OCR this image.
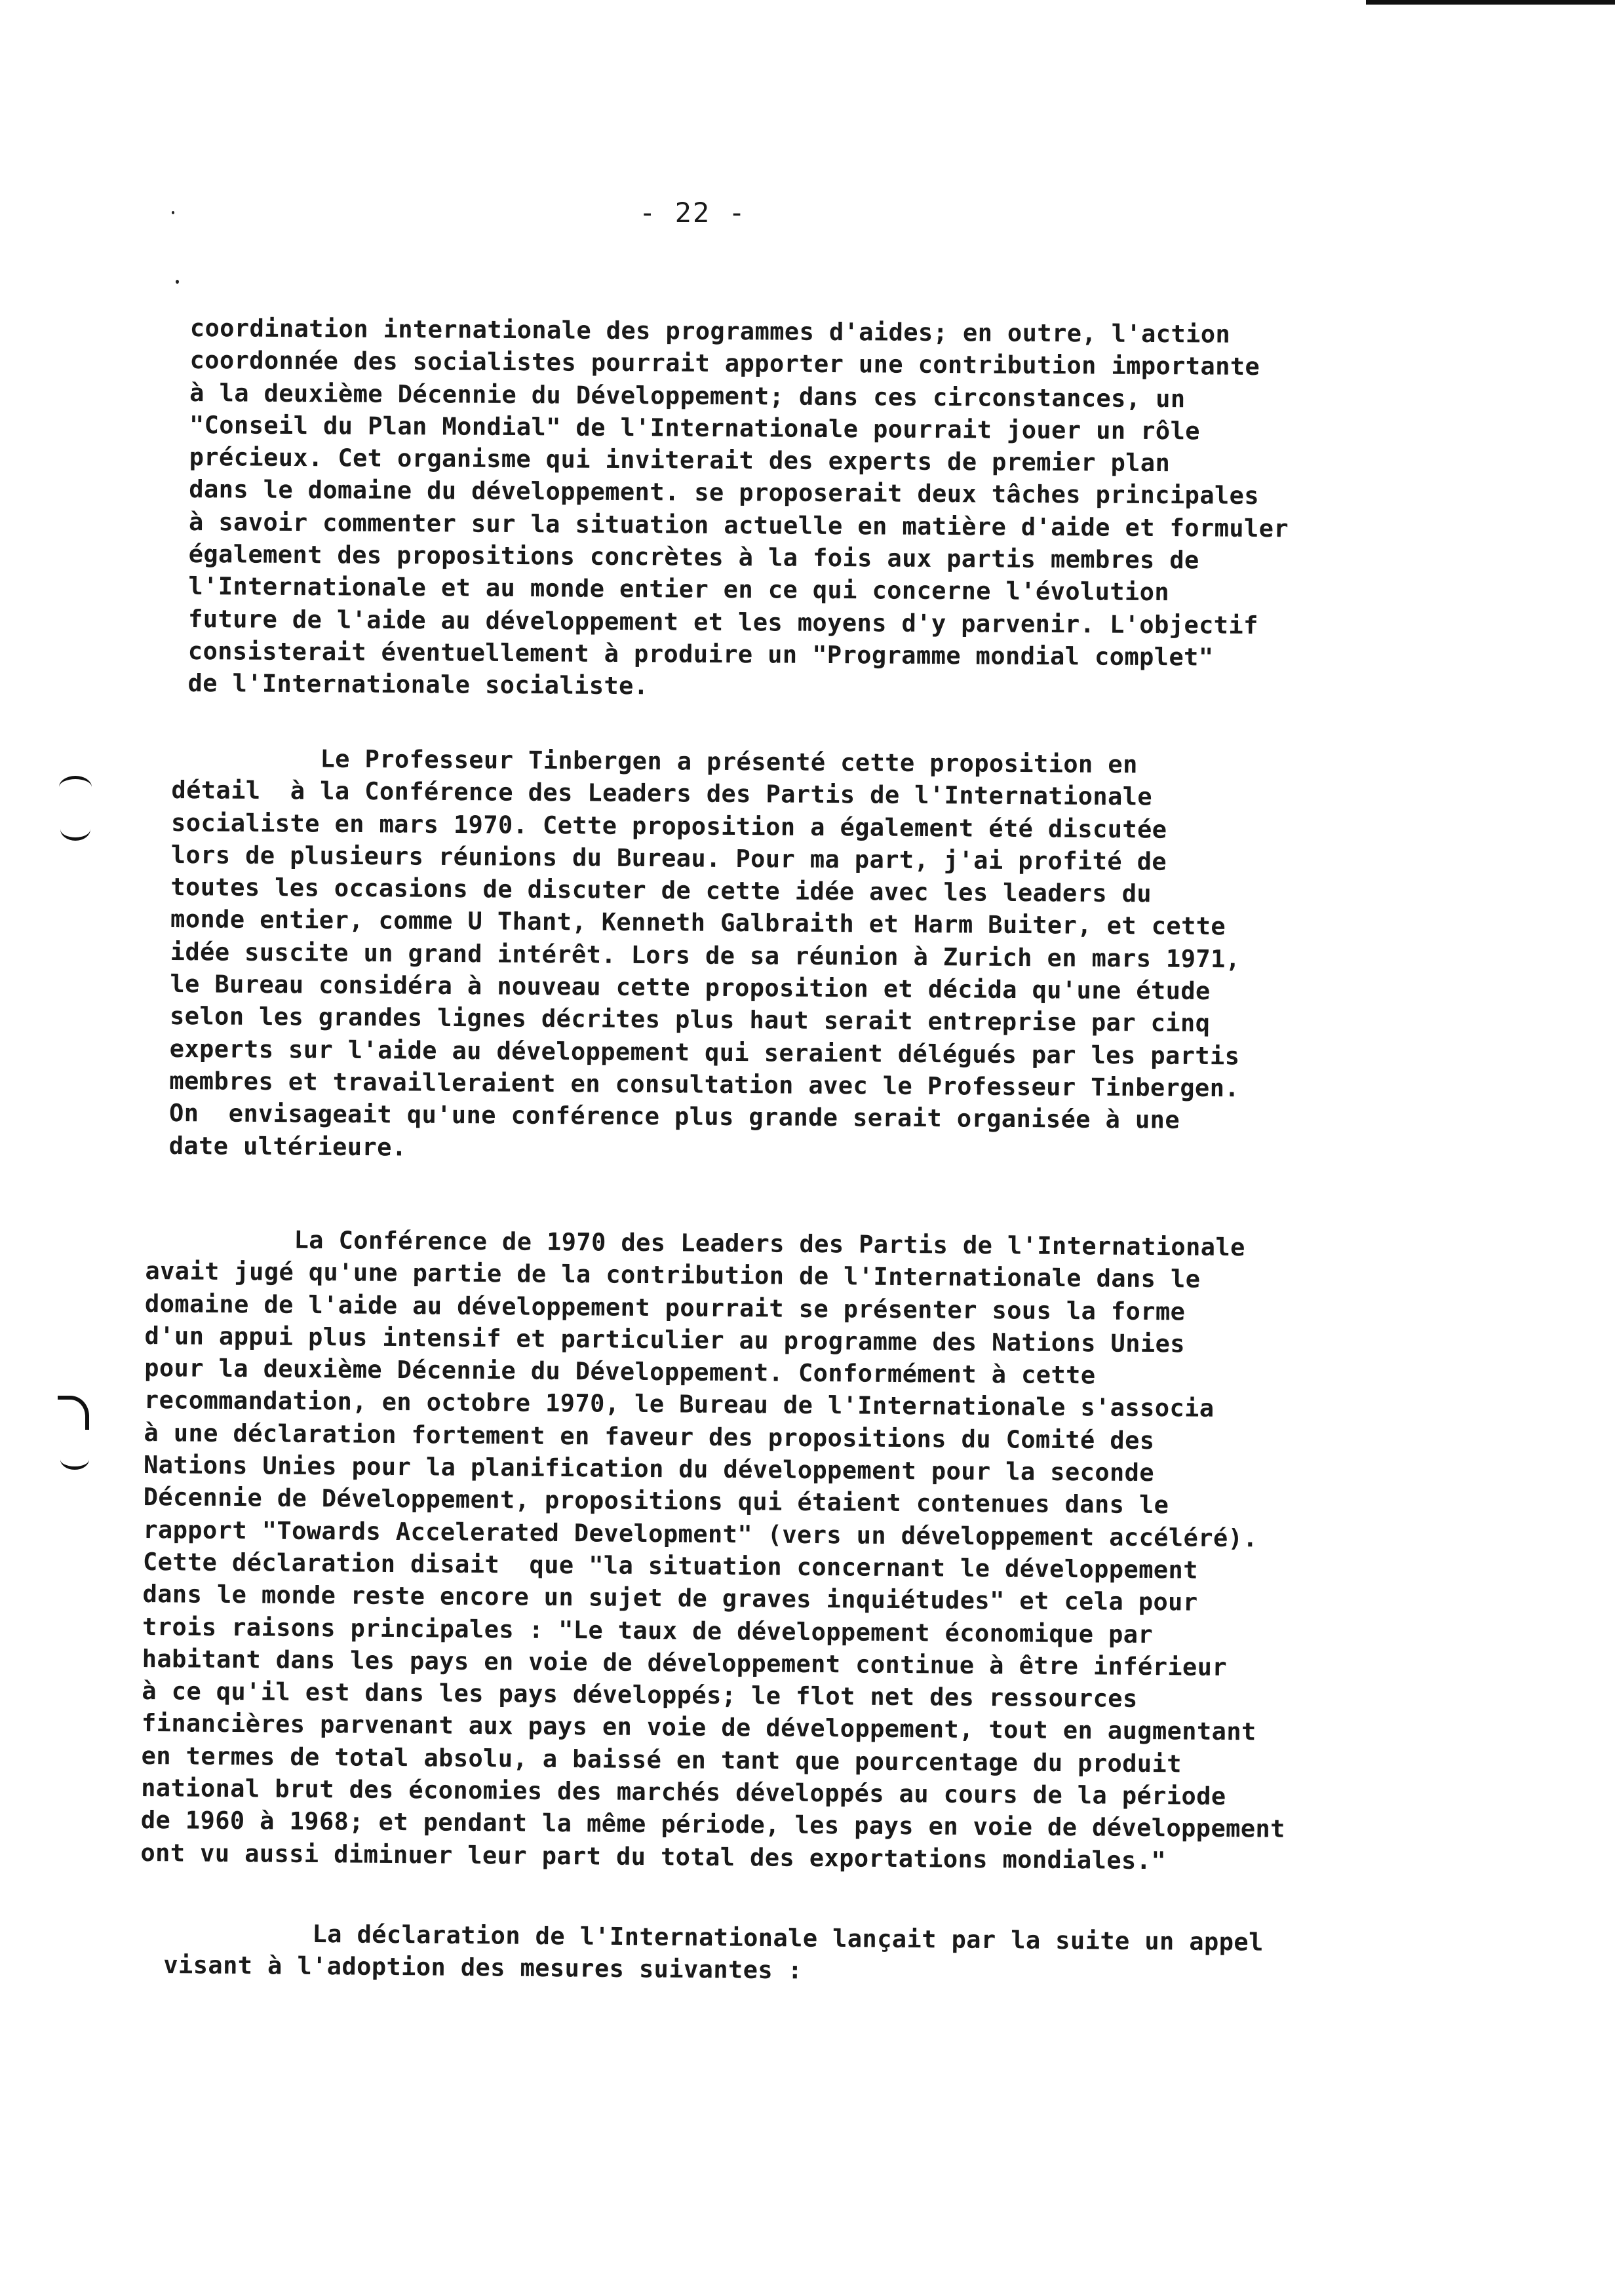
- 22 -

coordination internationale des programmes d'aides; en outre, l'action
coordonnée des socialistes pourrait apporter une contribution importante
à la deuxième Décennie du Développement; dans ces circonstances, un
"Conseil du Plan Mondial" de l'Internationale pourrait jouer un rôle
précieux. Cet organisme qui inviterait des experts de premier plan
dans le domaine du développement. se proposerait deux tâches principales
à savoir commenter sur la situation actuelle en matière d'aide et formuler
également des propositions concrètes à la fois aux partis membres de
l'Internationale et au monde entier en ce qui concerne l'évolution
future de l'aide au développement et les moyens d'y parvenir. L'objectif
consisterait éventuellement à produire un "Programme mondial complet"
de l'Internationale socialiste.

Le Professeur Tinbergen a présenté cette proposition en
détail  à la Conférence des Leaders des Partis de l'Internationale
socialiste en mars 1970. Cette proposition a également été discutée
lors de plusieurs réunions du Bureau. Pour ma part, j'ai profité de
toutes les occasions de discuter de cette idée avec les leaders du
monde entier, comme U Thant, Kenneth Galbraith et Harm Buiter, et cette
idée suscite un grand intérêt. Lors de sa réunion à Zurich en mars 1971,
le Bureau considéra à nouveau cette proposition et décida qu'une étude
selon les grandes lignes décrites plus haut serait entreprise par cinq
experts sur l'aide au développement qui seraient délégués par les partis
membres et travailleraient en consultation avec le Professeur Tinbergen.
On  envisageait qu'une conférence plus grande serait organisée à une
date ultérieure.

La Conférence de 1970 des Leaders des Partis de l'Internationale
avait jugé qu'une partie de la contribution de l'Internationale dans le
domaine de l'aide au développement pourrait se présenter sous la forme
d'un appui plus intensif et particulier au programme des Nations Unies
pour la deuxième Décennie du Développement. Conformément à cette
recommandation, en octobre 1970, le Bureau de l'Internationale s'associa
à une déclaration fortement en faveur des propositions du Comité des
Nations Unies pour la planification du développement pour la seconde
Décennie de Développement, propositions qui étaient contenues dans le
rapport "Towards Accelerated Development" (vers un développement accéléré).
Cette déclaration disait  que "la situation concernant le développement
dans le monde reste encore un sujet de graves inquiétudes" et cela pour
trois raisons principales : "Le taux de développement économique par
habitant dans les pays en voie de développement continue à être inférieur
à ce qu'il est dans les pays développés; le flot net des ressources
financières parvenant aux pays en voie de développement, tout en augmentant
en termes de total absolu, a baissé en tant que pourcentage du produit
national brut des économies des marchés développés au cours de la période
de 1960 à 1968; et pendant la même période, les pays en voie de développement
ont vu aussi diminuer leur part du total des exportations mondiales."

La déclaration de l'Internationale lançait par la suite un appel
visant à l'adoption des mesures suivantes :
